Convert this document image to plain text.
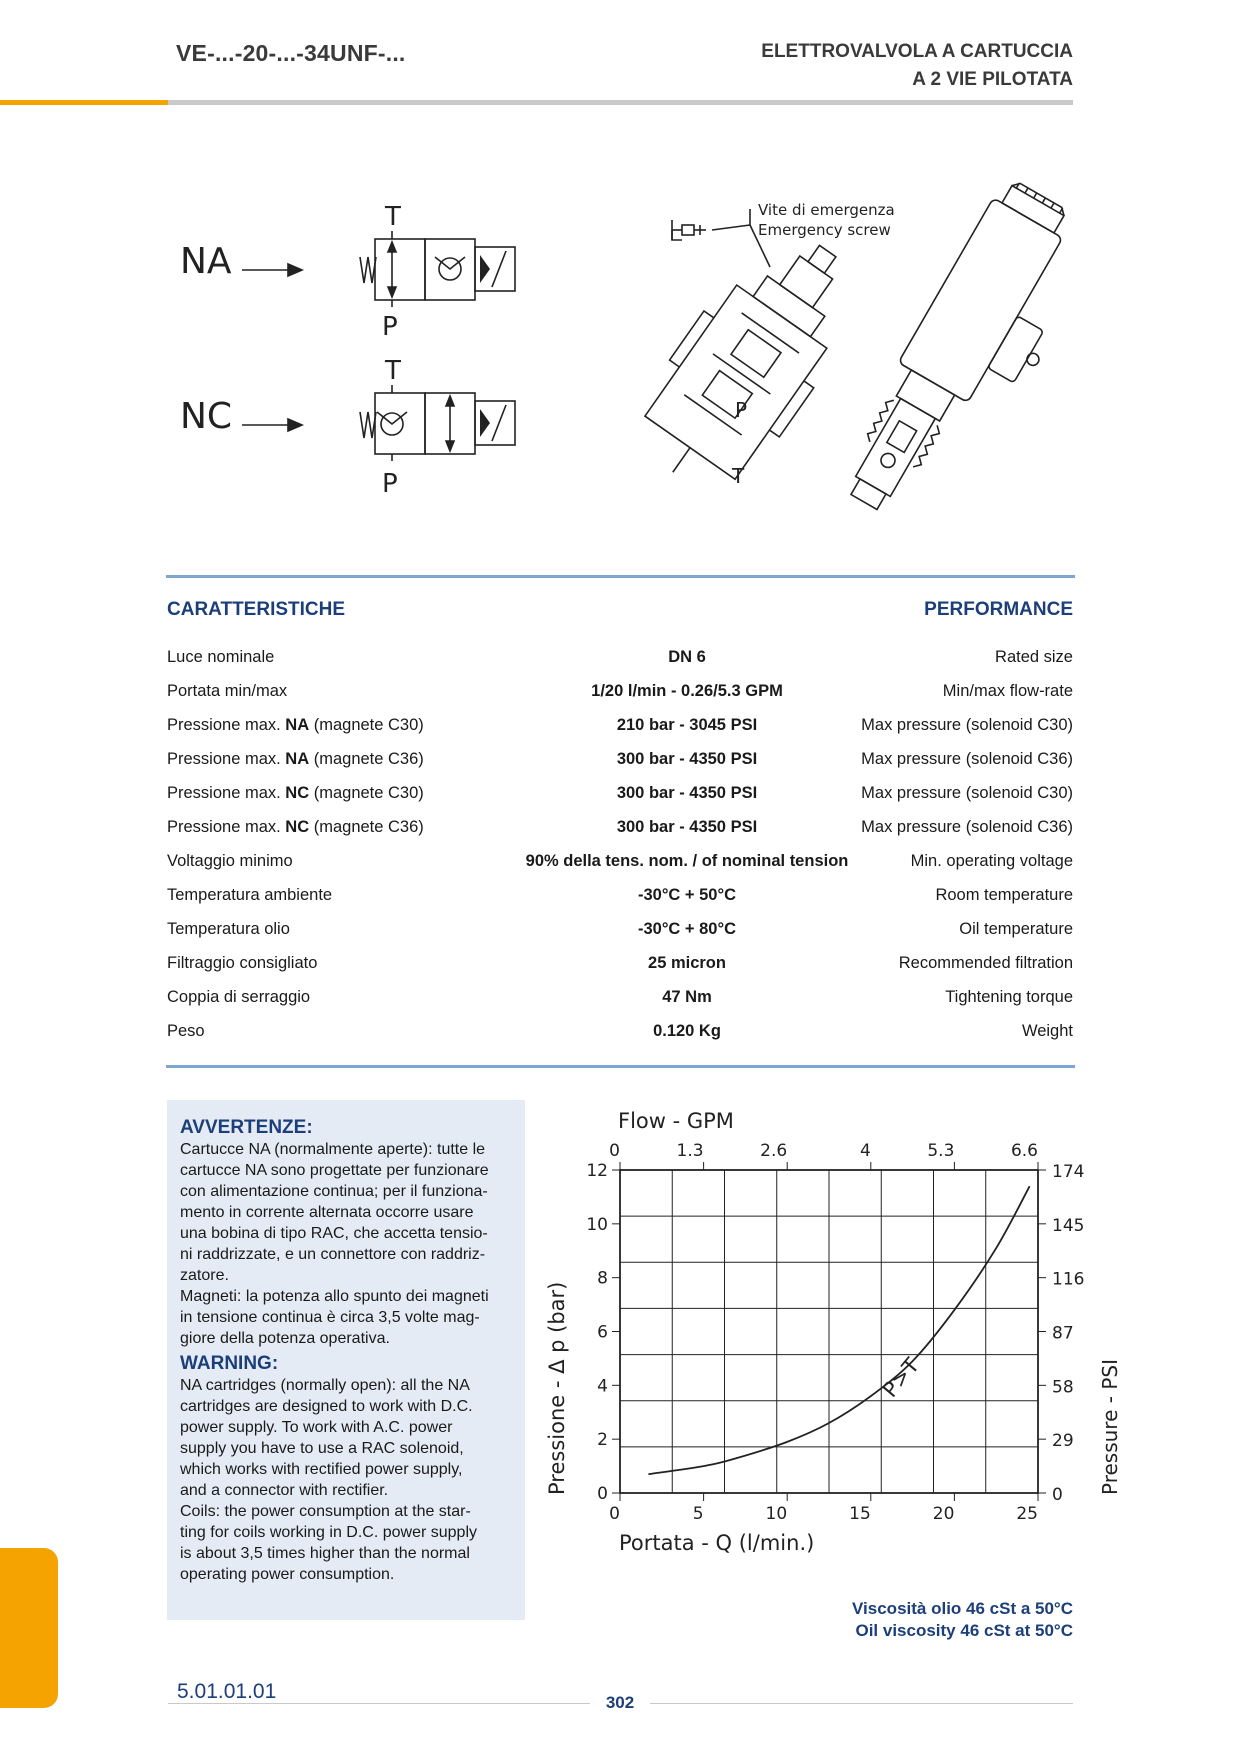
VE-...-20-...-34UNF-...	ELETTROVALVOLA A CARTUCCIA
A 2 VIE PILOTATA
NA
T
P
NC
T
P
Vite di emergenza
Emergency screw
P
T
CARATTERISTICHE	PERFORMANCE
Luce nominale	DN 6	Rated size
Portata min/max	1/20 l/min - 0.26/5.3 GPM	Min/max flow-rate
Pressione max. NA (magnete C30)	210 bar - 3045 PSI	Max pressure (solenoid C30)
Pressione max. NA (magnete C36)	300 bar - 4350 PSI	Max pressure (solenoid C36)
Pressione max. NC (magnete C30)	300 bar - 4350 PSI	Max pressure (solenoid C30)
Pressione max. NC (magnete C36)	300 bar - 4350 PSI	Max pressure (solenoid C36)
Voltaggio minimo	90% della tens. nom. / of nominal tension	Min. operating voltage
Temperatura ambiente	-30°C + 50°C	Room temperature
Temperatura olio	-30°C + 80°C	Oil temperature
Filtraggio consigliato	25 micron	Recommended filtration
Coppia di serraggio	47 Nm	Tightening torque
Peso	0.120 Kg	Weight

AVVERTENZE:

Cartucce NA (normalmente aperte): tutte le
cartucce NA sono progettate per funzionare
con alimentazione continua; per il funziona-
mento in corrente alternata occorre usare
una bobina di tipo RAC, che accetta tensio-
ni raddrizzate, e un connettore con raddriz-
zatore.
Magneti: la potenza allo spunto dei magneti
in tensione continua è circa 3,5 volte mag-
giore della potenza operativa.

WARNING:

NA cartridges (normally open): all the NA
cartridges are designed to work with D.C.
power supply. To work with A.C. power
supply you have to use a RAC solenoid,
which works with rectified power supply,
and a connector with rectifier.
Coils: the power consumption at the star-
ting for coils working in D.C. power supply
is about 3,5 times higher than the normal
operating power consumption.

Flow - GPM
Portata - Q (l/min.)
Pressione - Δ p (bar)	Pressure - PSI
0	5	10	15	20	25
0
2
4
6
8
10
12
0
29
58
87
116
145
174
0	1.3	2.6	4	5.3	6.6
P>T
Viscosità olio 46 cSt a 50°C
Oil viscosity 46 cSt at 50°C
5.01.01.01	302
